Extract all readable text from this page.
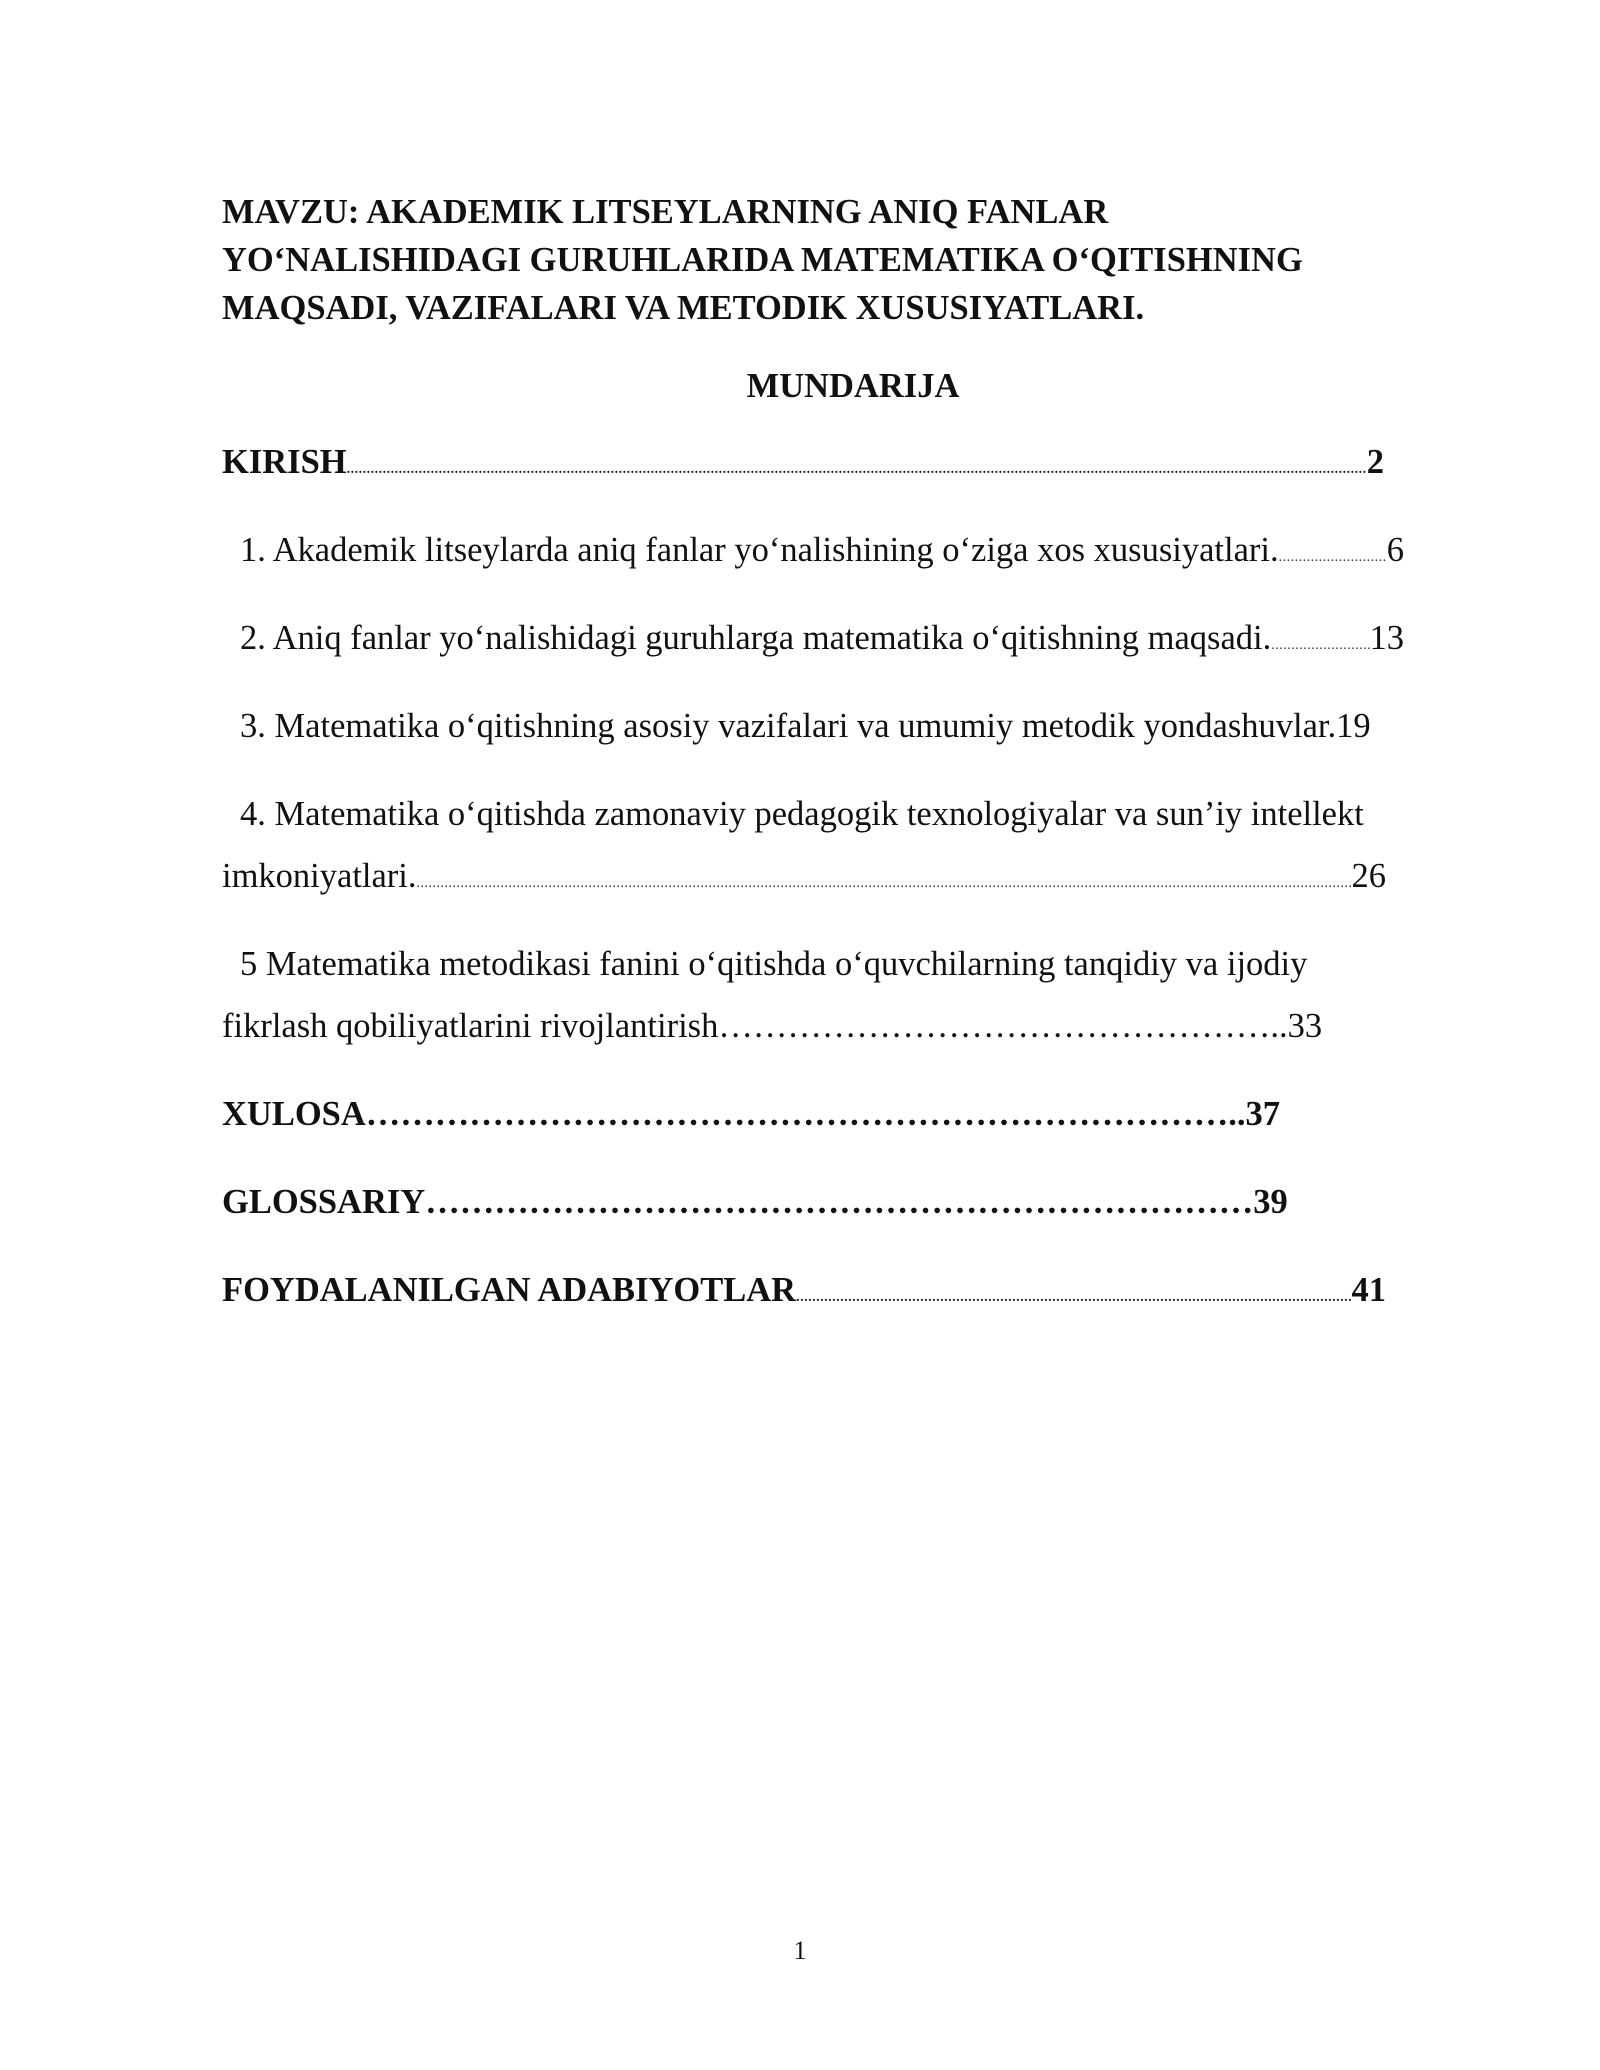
MAVZU: AKADEMIK LITSEYLARNING ANIQ FANLAR
YO‘NALISHIDAGI GURUHLARIDA MATEMATIKA O‘QITISHNING
MAQSADI, VAZIFALARI VA METODIK XUSUSIYATLARI.
MUNDARIJA
KIRISH .....	2
1. Akademik litseylarda aniq fanlar yo‘nalishining o‘ziga xos xususiyatlari. .....	6
2. Aniq fanlar yo‘nalishidagi guruhlarga matematika o‘qitishning maqsadi. .....	13
3. Matematika o‘qitishning asosiy vazifalari va umumiy metodik yondashuvlar.19
4. Matematika o‘qitishda zamonaviy pedagogik texnologiyalar va sun’iy intellekt
imkoniyatlari. .....	26
5 Matematika metodikasi fanini o‘qitishda o‘quvchilarning tanqidiy va ijodiy
fikrlash qobiliyatlarini rivojlantirish………………………………………….. 33
XULOSA ………………………………………………………………….. 37
GLOSSARIY ……………………………………………………………… 39
FOYDALANILGAN ADABIYOTLAR .....	41
1
